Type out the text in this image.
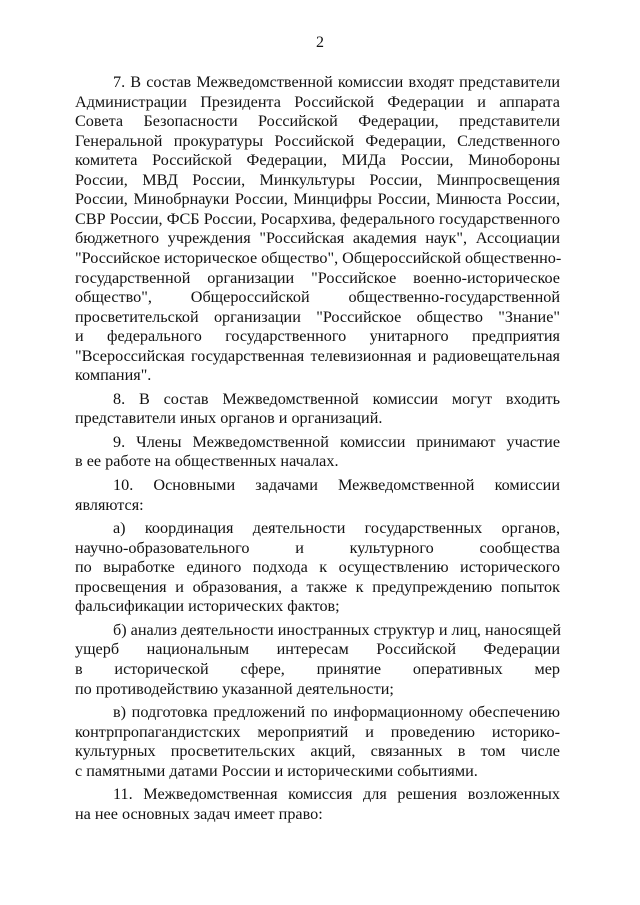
2
7. В состав Межведомственной комиссии входят представители
Администрации Президента Российской Федерации и аппарата
Совета Безопасности Российской Федерации, представители
Генеральной прокуратуры Российской Федерации, Следственного
комитета Российской Федерации, МИДа России, Минобороны
России, МВД России, Минкультуры России, Минпросвещения
России, Минобрнауки России, Минцифры России, Минюста России,
СВР России, ФСБ России, Росархива, федерального государственного
бюджетного учреждения "Российская академия наук", Ассоциации
"Российское историческое общество", Общероссийской общественно-
государственной организации "Российское военно-историческое
общество", Общероссийской общественно-государственной
просветительской организации "Российское общество "Знание"
и федерального государственного унитарного предприятия
"Всероссийская государственная телевизионная и радиовещательная
компания".
8. В состав Межведомственной комиссии могут входить
представители иных органов и организаций.
9. Члены Межведомственной комиссии принимают участие
в ее работе на общественных началах.
10. Основными задачами Межведомственной комиссии
являются:
а) координация деятельности государственных органов,
научно-образовательного и культурного сообщества
по выработке единого подхода к осуществлению исторического
просвещения и образования, а также к предупреждению попыток
фальсификации исторических фактов;
б) анализ деятельности иностранных структур и лиц, наносящей
ущерб национальным интересам Российской Федерации
в исторической сфере, принятие оперативных мер
по противодействию указанной деятельности;
в) подготовка предложений по информационному обеспечению
контрпропагандистских мероприятий и проведению историко-
культурных просветительских акций, связанных в том числе
с памятными датами России и историческими событиями.
11. Межведомственная комиссия для решения возложенных
на нее основных задач имеет право:
